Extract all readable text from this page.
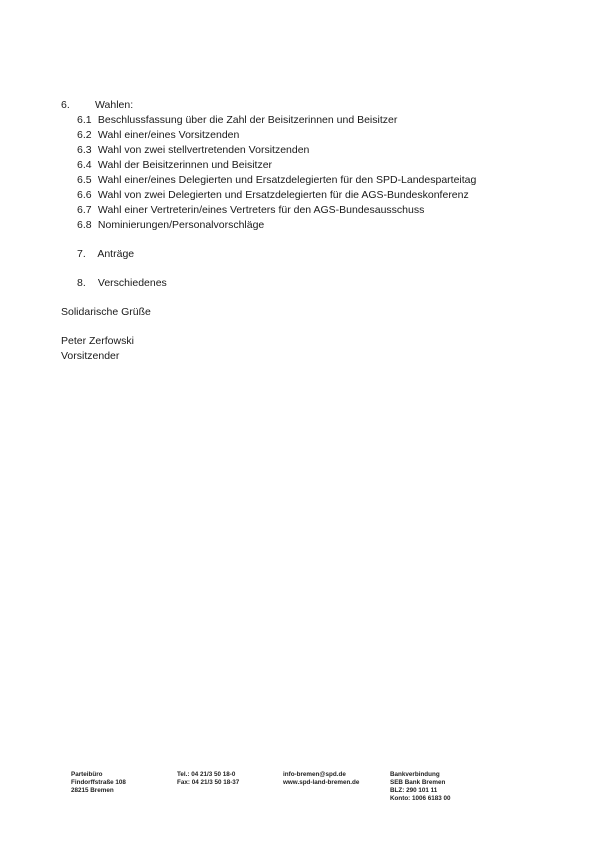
6. Wahlen:
6.1 Beschlussfassung über die Zahl der Beisitzerinnen und Beisitzer
6.2 Wahl einer/eines Vorsitzenden
6.3 Wahl von zwei stellvertretenden Vorsitzenden
6.4 Wahl der Beisitzerinnen und Beisitzer
6.5 Wahl einer/eines Delegierten und Ersatzdelegierten für den SPD-Landesparteitag
6.6 Wahl von zwei Delegierten und Ersatzdelegierten für die AGS-Bundeskonferenz
6.7 Wahl einer Vertreterin/eines Vertreters für den AGS-Bundesausschuss
6.8 Nominierungen/Personalvorschläge
7. Anträge
8. Verschiedenes
Solidarische Grüße
Peter Zerfowski
Vorsitzender
Parteibüro
Findorffstraße 108
28215 Bremen
Tel.: 04 21/3 50 18-0
Fax: 04 21/3 50 18-37
info-bremen@spd.de
www.spd-land-bremen.de
Bankverbindung
SEB Bank Bremen
BLZ: 290 101 11
Konto: 1006 6183 00
